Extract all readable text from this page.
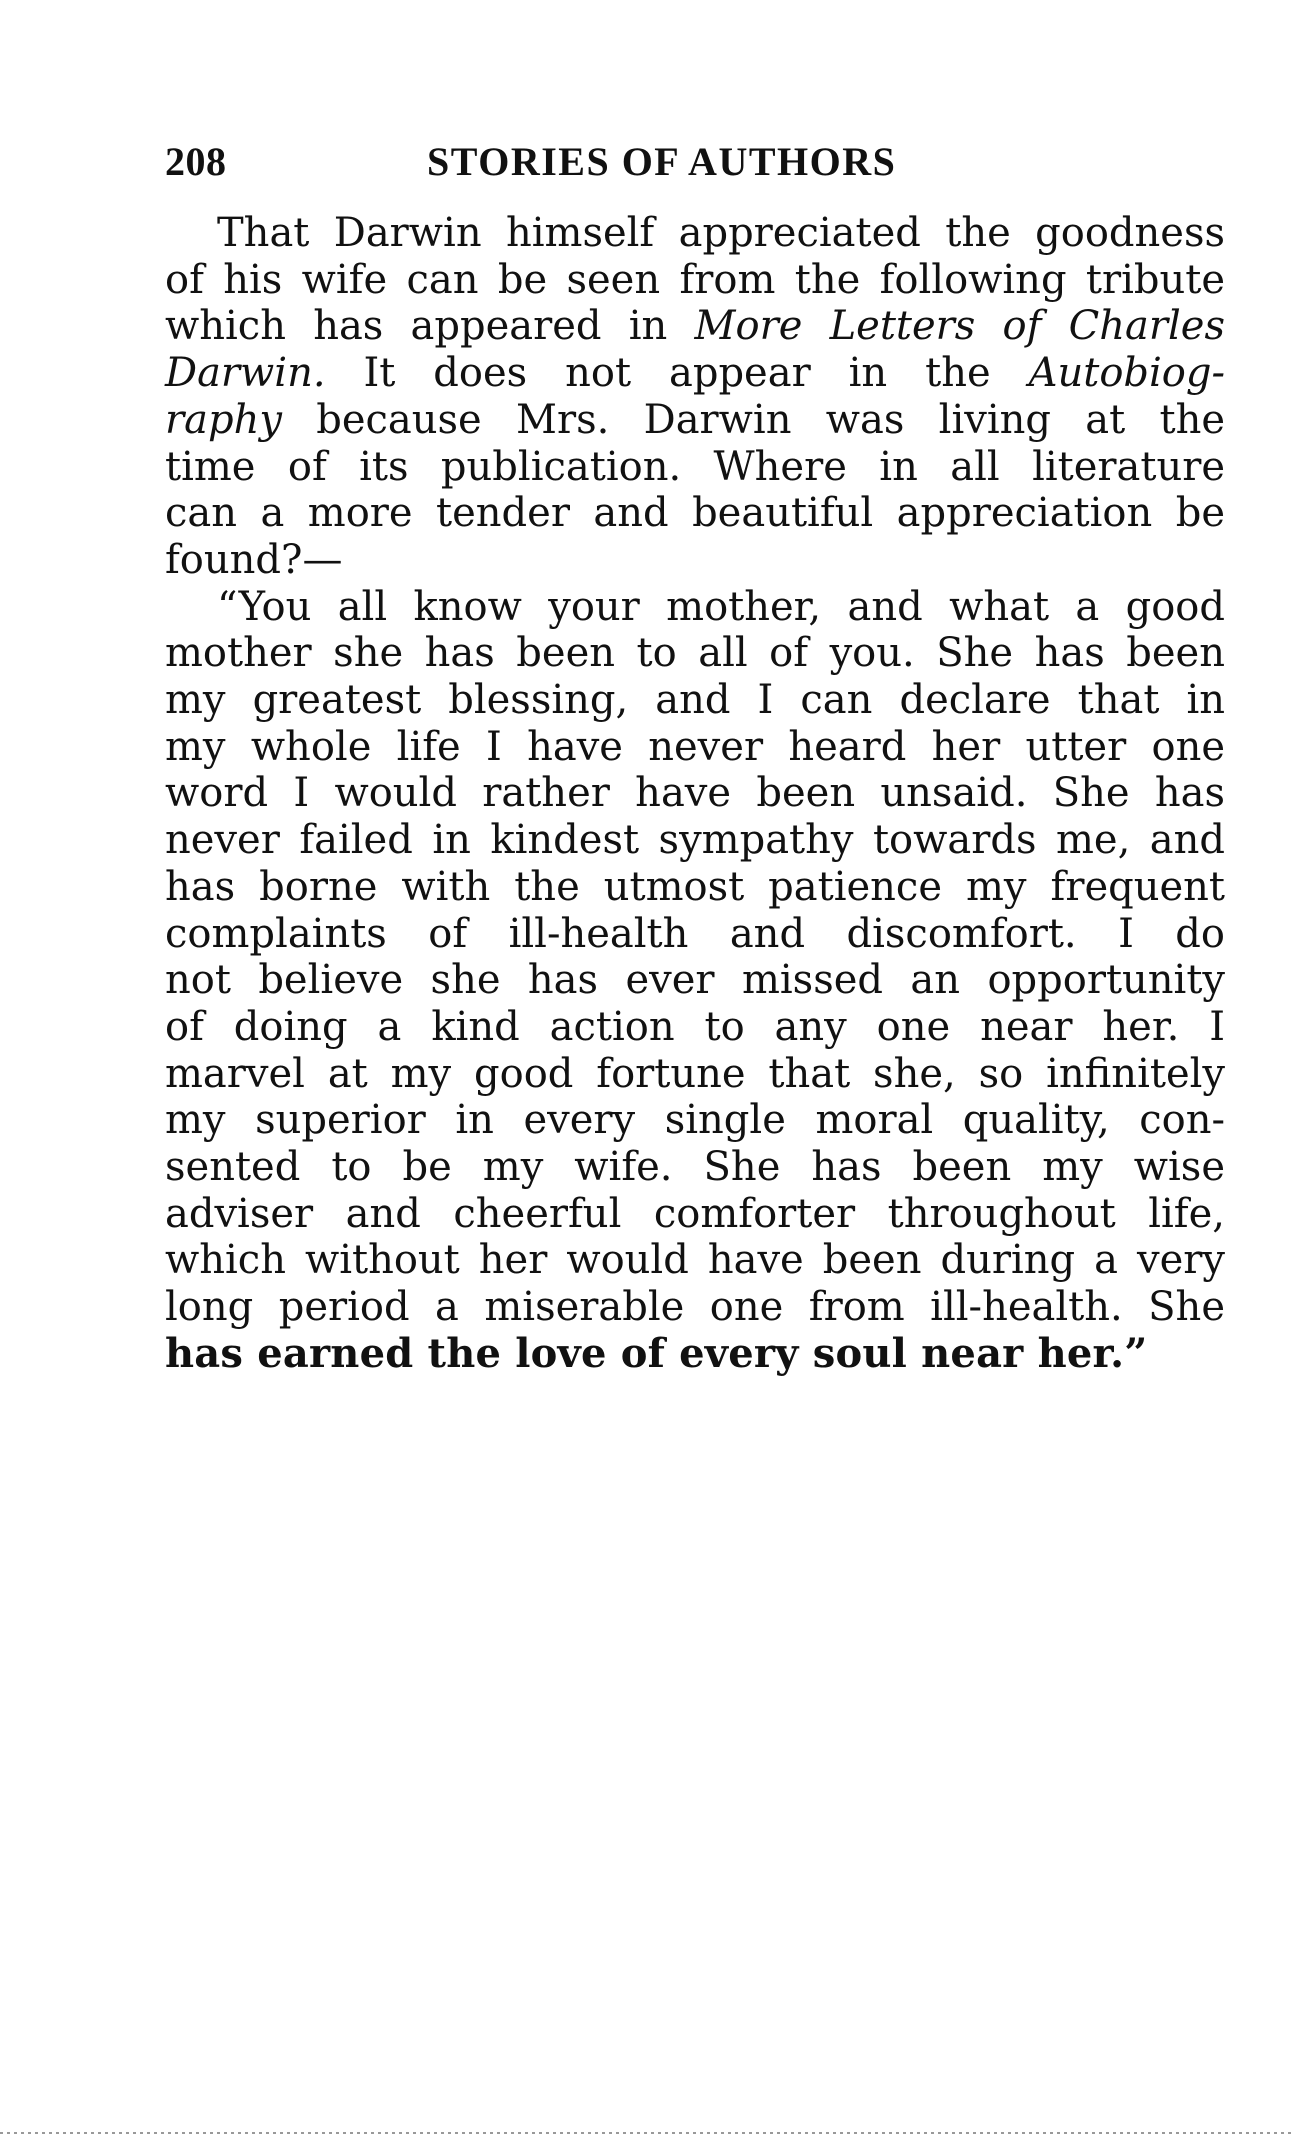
208	STORIES OF AUTHORS
That Darwin himself appreciated the goodness
of his wife can be seen from the following tribute
which has appeared in More Letters of Charles
Darwin. It does not appear in the Autobiog-
raphy because Mrs. Darwin was living at the
time of its publication. Where in all literature
can a more tender and beautiful appreciation be
found?—
“You all know your mother, and what a good
mother she has been to all of you. She has been
my greatest blessing, and I can declare that in
my whole life I have never heard her utter one
word I would rather have been unsaid. She has
never failed in kindest sympathy towards me, and
has borne with the utmost patience my frequent
complaints of ill-health and discomfort. I do
not believe she has ever missed an opportunity
of doing a kind action to any one near her. I
marvel at my good fortune that she, so infinitely
my superior in every single moral quality, con-
sented to be my wife. She has been my wise
adviser and cheerful comforter throughout life,
which without her would have been during a very
long period a miserable one from ill-health. She
has earned the love of every soul near her.”
